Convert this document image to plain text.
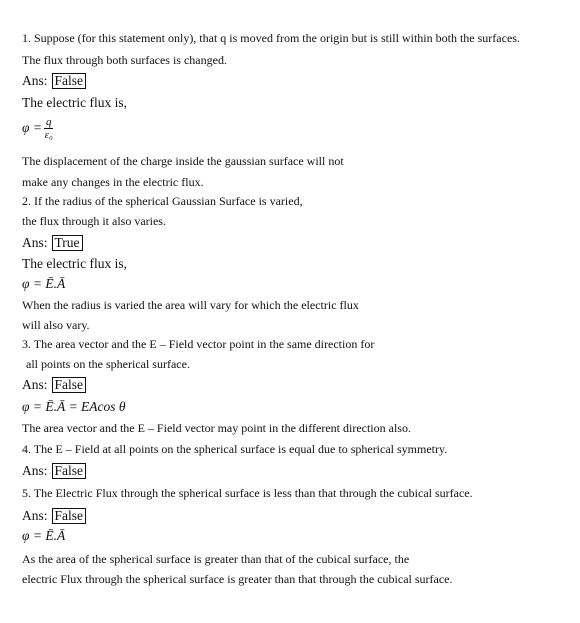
1. Suppose (for this statement only), that q is moved from the origin but is still within both the surfaces.
The flux through both surfaces is changed.
Ans: False
The electric flux is,
$\varphi = \frac{q}{\text{ε₀}}$
The displacement of the charge inside the gaussian surface will not
make any changes in the electric flux.
2. If the radius of the spherical Gaussian Surface is varied,
the flux through it also varies.
Ans: True
The electric flux is,
φ = Ē.Ā
When the radius is varied the area will vary for which the electric flux
will also vary.
3. The area vector and the E – Field vector point in the same direction for
all points on the spherical surface.
Ans: False
φ = Ē.Ā = EAcos θ
The area vector and the E – Field vector may point in the different direction also.
4. The E – Field at all points on the spherical surface is equal due to spherical symmetry.
Ans: False
5. The Electric Flux through the spherical surface is less than that through the cubical surface.
Ans: False
φ = Ē.Ā
As the area of the spherical surface is greater than that of the cubical surface, the
electric Flux through the spherical surface is greater than that through the cubical surface.
